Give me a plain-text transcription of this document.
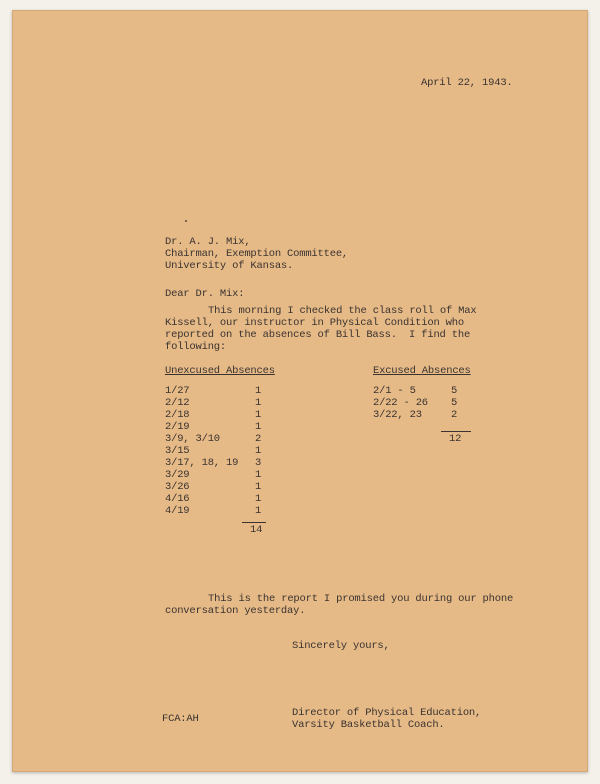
April 22, 1943.
Dr. A. J. Mix,
Chairman, Exemption Committee,
University of Kansas.
Dear Dr. Mix:
This morning I checked the class roll of Max
Kissell, our instructor in Physical Condition who
reported on the absences of Bill Bass.  I find the
following:
Unexcused Absences
1/27	1
2/12	1
2/18	1
2/19	1
3/9, 3/10	2
3/15	1
3/17, 18, 19 3
3/29	1
3/26	1
4/16	1
4/19	1
14
Excused Absences
2/1 - 5	5
2/22 - 26 5
3/22, 23	2
12
This is the report I promised you during our phone
conversation yesterday.
Sincerely yours,
Director of Physical Education,
Varsity Basketball Coach.
FCA:AH
